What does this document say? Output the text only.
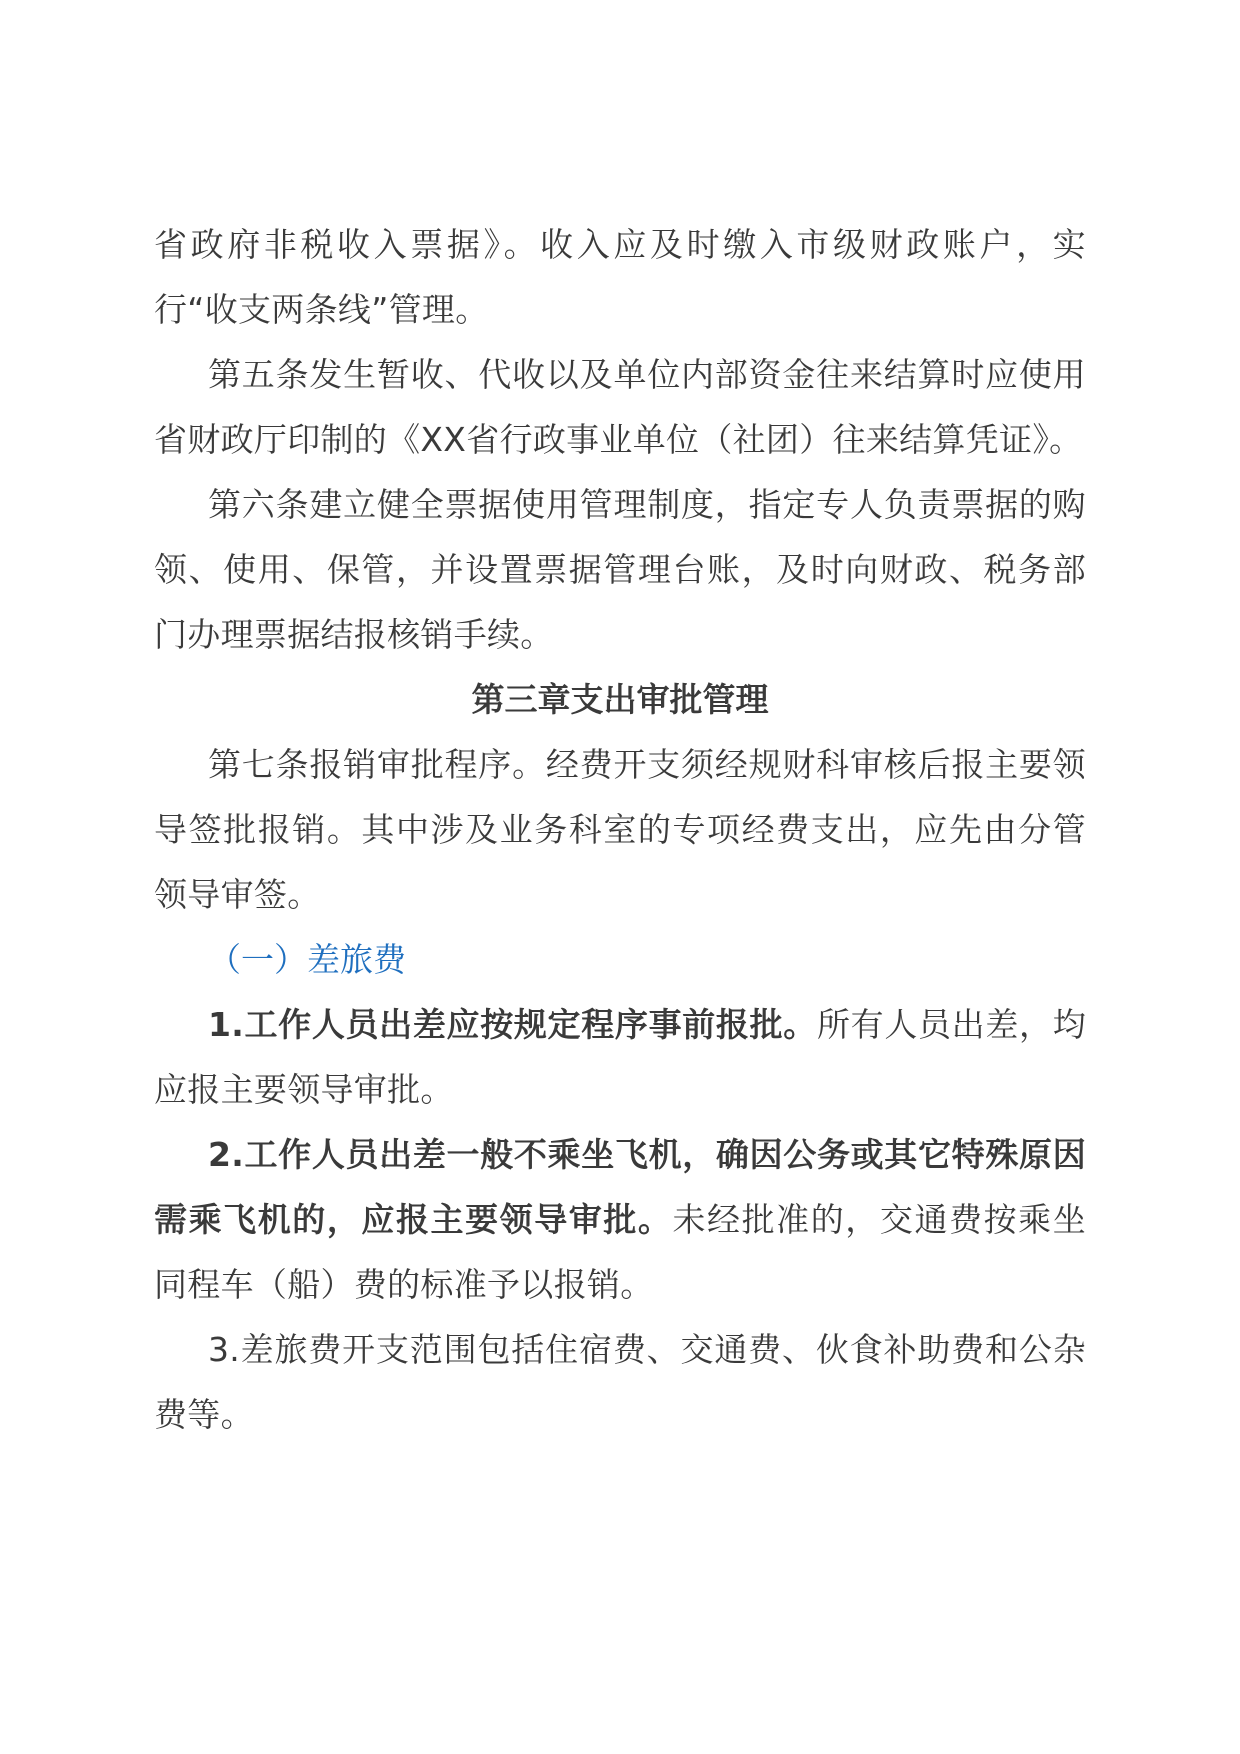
省政府非税收入票据》。收入应及时缴入市级财政账户，实行“收支两条线”管理。

第五条发生暂收、代收以及单位内部资金往来结算时应使用省财政厅印制的《XX省行政事业单位（社团）往来结算凭证》。

第六条建立健全票据使用管理制度，指定专人负责票据的购领、使用、保管，并设置票据管理台账，及时向财政、税务部门办理票据结报核销手续。

第三章支出审批管理

第七条报销审批程序。经费开支须经规财科审核后报主要领导签批报销。其中涉及业务科室的专项经费支出，应先由分管领导审签。

（一）差旅费

1.工作人员出差应按规定程序事前报批。所有人员出差，均应报主要领导审批。

2.工作人员出差一般不乘坐飞机，确因公务或其它特殊原因需乘飞机的，应报主要领导审批。未经批准的，交通费按乘坐同程车（船）费的标准予以报销。

3.差旅费开支范围包括住宿费、交通费、伙食补助费和公杂费等。
